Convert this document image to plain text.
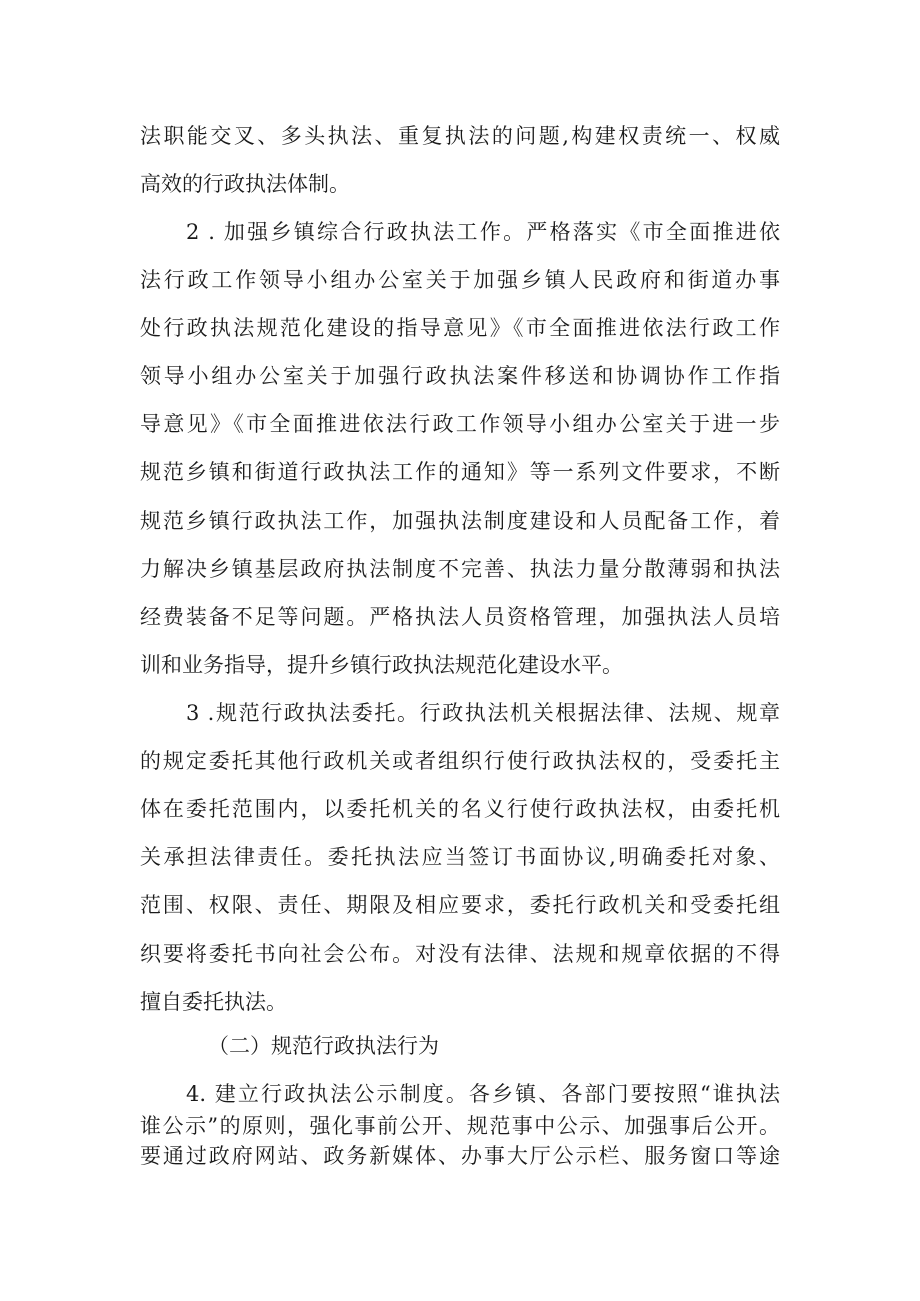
法职能交叉、多头执法、重复执法的问题,构建权责统一、权威
高效的行政执法体制。
2 . 加强乡镇综合行政执法工作。严格落实《市全面推进依
法行政工作领导小组办公室关于加强乡镇人民政府和街道办事
处行政执法规范化建设的指导意见》《市全面推进依法行政工作
领导小组办公室关于加强行政执法案件移送和协调协作工作指
导意见》《市全面推进依法行政工作领导小组办公室关于进一步
规范乡镇和街道行政执法工作的通知》等一系列文件要求，不断
规范乡镇行政执法工作，加强执法制度建设和人员配备工作，着
力解决乡镇基层政府执法制度不完善、执法力量分散薄弱和执法
经费装备不足等问题。严格执法人员资格管理，加强执法人员培
训和业务指导，提升乡镇行政执法规范化建设水平。
3 .规范行政执法委托。行政执法机关根据法律、法规、规章
的规定委托其他行政机关或者组织行使行政执法权的，受委托主
体在委托范围内，以委托机关的名义行使行政执法权，由委托机
关承担法律责任。委托执法应当签订书面协议,明确委托对象、
范围、权限、责任、期限及相应要求，委托行政机关和受委托组
织要将委托书向社会公布。对没有法律、法规和规章依据的不得
擅自委托执法。
（二）规范行政执法行为
4. 建立行政执法公示制度。各乡镇、各部门要按照“谁执法
谁公示”的原则，强化事前公开、规范事中公示、加强事后公开。
要通过政府网站、政务新媒体、办事大厅公示栏、服务窗口等途
